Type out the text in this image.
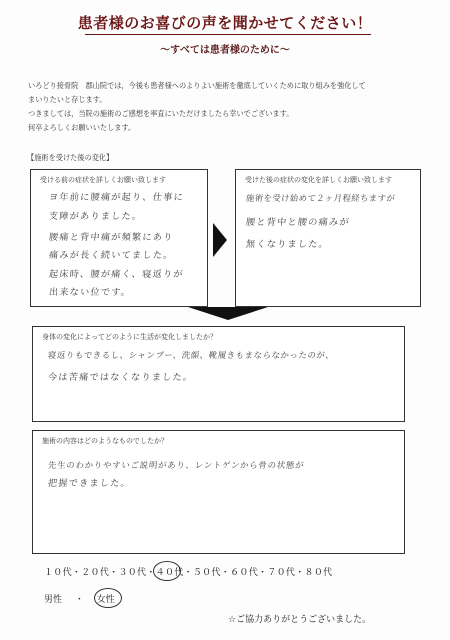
患者様のお喜びの声を聞かせてください！
～すべては患者様のために～

いろどり接骨院　郡山院では，今後も患者様へのよりよい施術を徹底していくために取り組みを強化して

まいりたいと存じます。

つきましては，当院の施術のご感想を率直にいただけましたら幸いでございます。

何卒よろしくお願いいたします。

【施術を受けた後の変化】
受ける前の症状を詳しくお願い致します
ヨ年前に腰痛が起り、仕事に
支障がありました。
腰痛と背中痛が頻繁にあり
痛みが長く続いてました。
起床時、腰が痛く、寝返りが
出来ない位です。
受けた後の症状の変化を詳しくお願い致します
施術を受け始めて２ヶ月程経ちますが
腰と背中と腰の痛みが
無くなりました。
身体の変化によってどのように生活が変化しましたか？
寝返りもできるし、シャンプー、洗顔、靴履きもまならなかったのが、
今は苦痛ではなくなりました。
施術の内容はどのようなものでしたか？
先生のわかりやすいご説明があり、レントゲンから骨の状態が
把握できました。
１０代・２０代・３０代・４０代・５０代・６０代・７０代・８０代
男性 ・ 女性
☆ご協力ありがとうございました。
